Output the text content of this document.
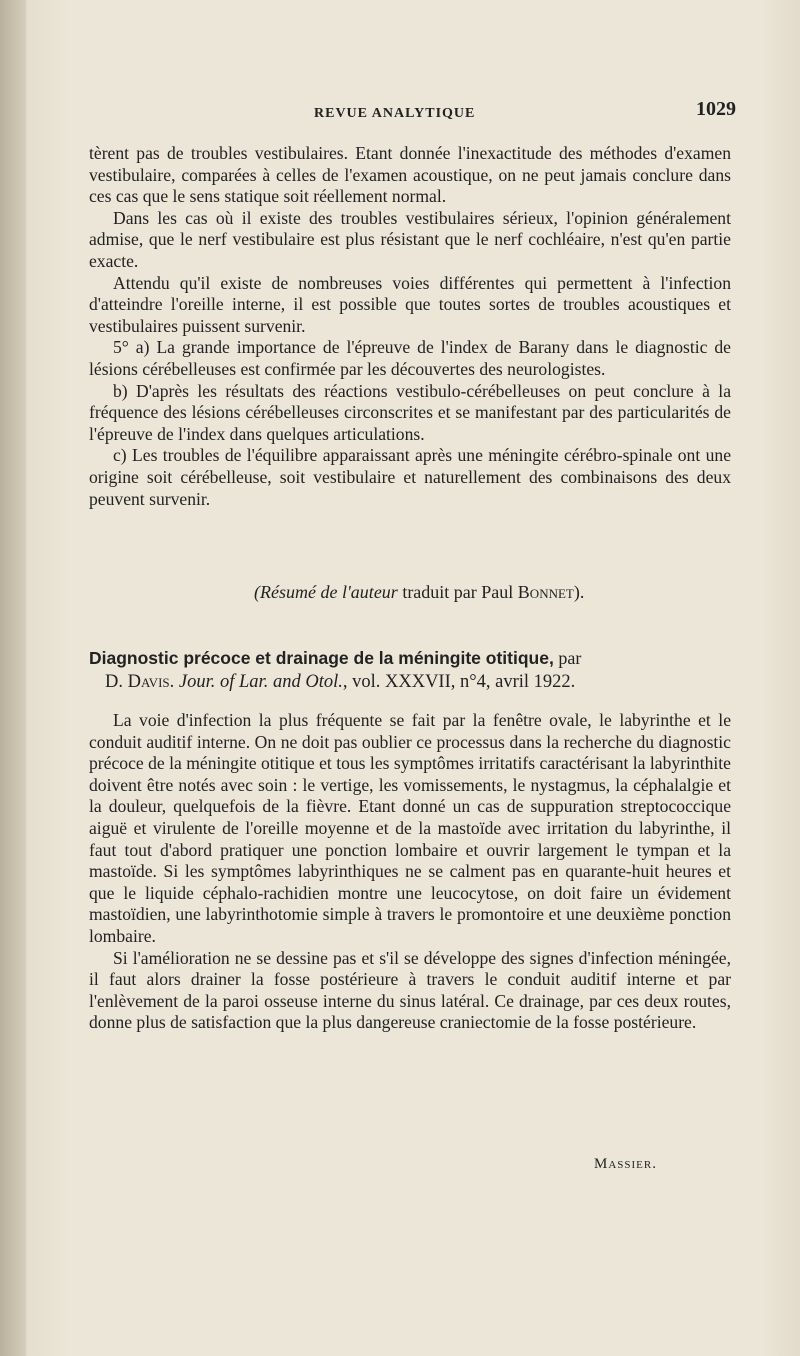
REVUE ANALYTIQUE	1029

tèrent pas de troubles vestibulaires. Etant donnée l'inexactitude des méthodes d'examen vestibulaire, comparées à celles de l'examen acoustique, on ne peut jamais conclure dans ces cas que le sens statique soit réellement normal.

Dans les cas où il existe des troubles vestibulaires sérieux, l'opinion généralement admise, que le nerf vestibulaire est plus résistant que le nerf cochléaire, n'est qu'en partie exacte.

Attendu qu'il existe de nombreuses voies différentes qui permettent à l'infection d'atteindre l'oreille interne, il est possible que toutes sortes de troubles acoustiques et vestibulaires puissent survenir.

5° a) La grande importance de l'épreuve de l'index de Barany dans le diagnostic de lésions cérébelleuses est confirmée par les découvertes des neurologistes.

b) D'après les résultats des réactions vestibulo-cérébelleuses on peut conclure à la fréquence des lésions cérébelleuses circonscrites et se manifestant par des particularités de l'épreuve de l'index dans quelques articulations.

c) Les troubles de l'équilibre apparaissant après une méningite cérébro-spinale ont une origine soit cérébelleuse, soit vestibulaire et naturellement des combinaisons des deux peuvent survenir.

(Résumé de l'auteur traduit par Paul Bonnet).
Diagnostic précoce et drainage de la méningite otitique, par
D. Davis. Jour. of Lar. and Otol., vol. XXXVII, n°4, avril 1922.

La voie d'infection la plus fréquente se fait par la fenêtre ovale, le labyrinthe et le conduit auditif interne. On ne doit pas oublier ce processus dans la recherche du diagnostic précoce de la méningite otitique et tous les symptômes irritatifs caractérisant la labyrinthite doivent être notés avec soin : le vertige, les vomissements, le nystagmus, la céphalalgie et la douleur, quelquefois de la fièvre. Etant donné un cas de suppuration streptococcique aiguë et virulente de l'oreille moyenne et de la mastoïde avec irritation du labyrinthe, il faut tout d'abord pratiquer une ponction lombaire et ouvrir largement le tympan et la mastoïde. Si les symptômes labyrinthiques ne se calment pas en quarante-huit heures et que le liquide céphalo-rachidien montre une leucocytose, on doit faire un évidement mastoïdien, une labyrinthotomie simple à travers le promontoire et une deuxième ponction lombaire.

Si l'amélioration ne se dessine pas et s'il se développe des signes d'infection méningée, il faut alors drainer la fosse postérieure à travers le conduit auditif interne et par l'enlèvement de la paroi osseuse interne du sinus latéral. Ce drainage, par ces deux routes, donne plus de satisfaction que la plus dangereuse craniectomie de la fosse postérieure.

Massier.
